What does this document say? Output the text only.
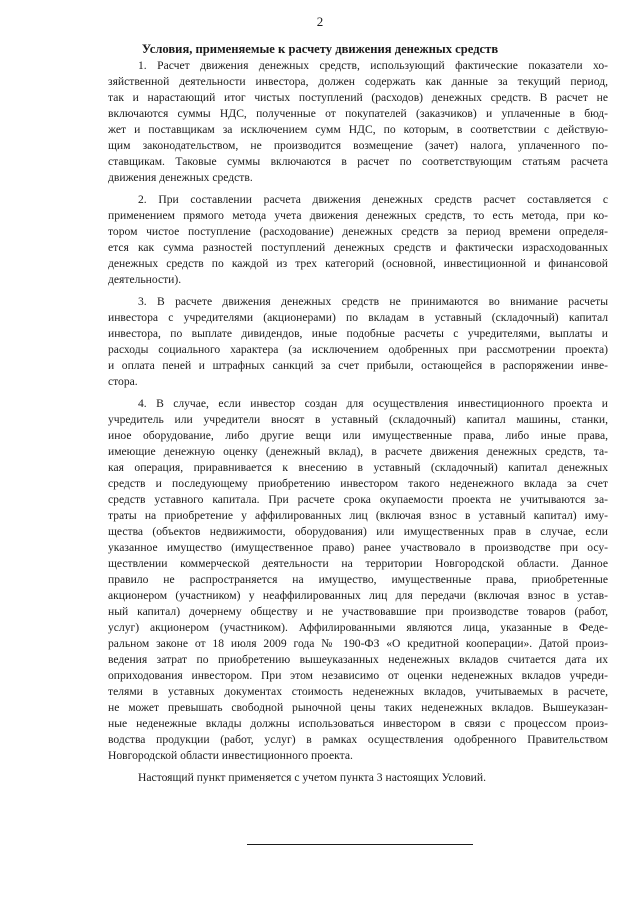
2
Условия, применяемые к расчету движения денежных средств
1. Расчет движения денежных средств, использующий фактические показатели хо-
зяйственной деятельности инвестора, должен содержать как данные за текущий период,
так и нарастающий итог чистых поступлений (расходов) денежных средств. В расчет не
включаются суммы НДС, полученные от покупателей (заказчиков) и уплаченные в бюд-
жет и поставщикам за исключением сумм НДС, по которым, в соответствии с действую-
щим законодательством, не производится возмещение (зачет) налога, уплаченного по-
ставщикам. Таковые суммы включаются в расчет по соответствующим статьям расчета
движения денежных средств.
2. При составлении расчета движения денежных средств расчет составляется с
применением прямого метода учета движения денежных средств, то есть метода, при ко-
тором чистое поступление (расходование) денежных средств за период времени определя-
ется как сумма разностей поступлений денежных средств и фактически израсходованных
денежных средств по каждой из трех категорий (основной, инвестиционной и финансовой
деятельности).
3. В расчете движения денежных средств не принимаются во внимание расчеты
инвестора с учредителями (акционерами) по вкладам в уставный (складочный) капитал
инвестора, по выплате дивидендов, иные подобные расчеты с учредителями, выплаты и
расходы социального характера (за исключением одобренных при рассмотрении проекта)
и оплата пеней и штрафных санкций за счет прибыли, остающейся в распоряжении инве-
стора.
4. В случае, если инвестор создан для осуществления инвестиционного проекта и
учредитель или учредители вносят в уставный (складочный) капитал машины, станки,
иное оборудование, либо другие вещи или имущественные права, либо иные права,
имеющие денежную оценку (денежный вклад), в расчете движения денежных средств, та-
кая операция, приравнивается к внесению в уставный (складочный) капитал денежных
средств и последующему приобретению инвестором такого неденежного вклада за счет
средств уставного капитала. При расчете срока окупаемости проекта не учитываются за-
траты на приобретение у аффилированных лиц (включая взнос в уставный капитал) иму-
щества (объектов недвижимости, оборудования) или имущественных прав в случае, если
указанное имущество (имущественное право) ранее участвовало в производстве при осу-
ществлении коммерческой деятельности на территории Новгородской области. Данное
правило не распространяется на имущество, имущественные права, приобретенные
акционером (участником) у неаффилированных лиц для передачи (включая взнос в устав-
ный капитал) дочернему обществу и не участвовавшие при производстве товаров (работ,
услуг) акционером (участником). Аффилированными являются лица, указанные в Феде-
ральном законе от 18 июля 2009 года № 190-ФЗ «О кредитной кооперации». Датой произ-
ведения затрат по приобретению вышеуказанных неденежных вкладов считается дата их
оприходования инвестором. При этом независимо от оценки неденежных вкладов учреди-
телями в уставных документах стоимость неденежных вкладов, учитываемых в расчете,
не может превышать свободной рыночной цены таких неденежных вкладов. Вышеуказан-
ные неденежные вклады должны использоваться инвестором в связи с процессом произ-
водства продукции (работ, услуг) в рамках осуществления одобренного Правительством
Новгородской области инвестиционного проекта.
Настоящий пункт применяется с учетом пункта 3 настоящих Условий.
